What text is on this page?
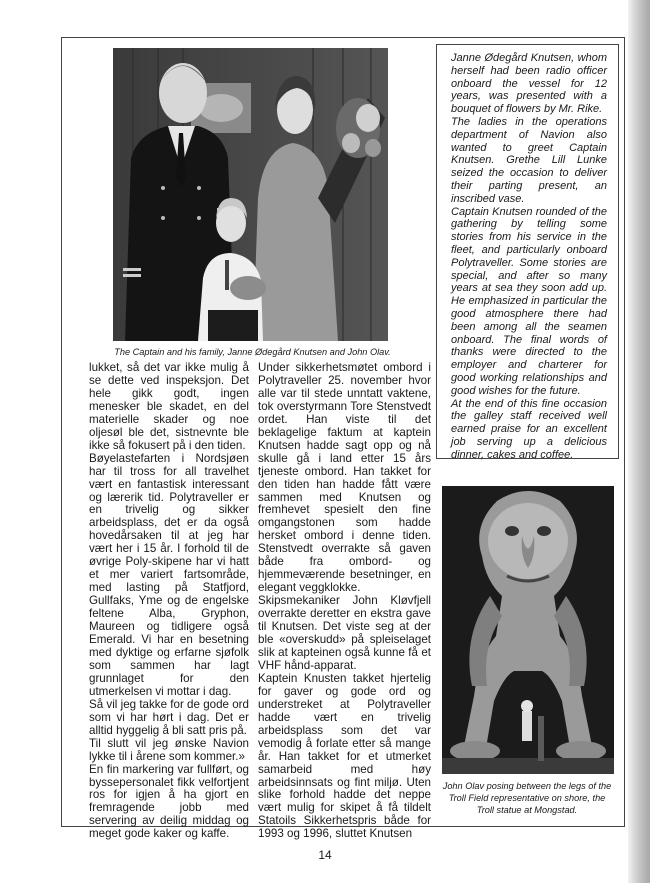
The Captain and his family, Janne Ødegård Knutsen and John Olav.

lukket, så det var ikke mulig å se dette ved inspeksjon. Det hele gikk godt, ingen menesker ble skadet, en del materielle skader og noe oljesøl ble det, sistnevnte ble ikke så fokusert på i den tiden.

Bøyelastefarten i Nordsjøen har til tross for all travelhet vært en fantastisk interessant og lærerik tid. Polytraveller er en trivelig og sikker arbeidsplass, det er da også hovedårsaken til at jeg har vært her i 15 år. I forhold til de øvrige Poly-skipene har vi hatt et mer variert fartsområde, med lasting på Statfjord, Gullfaks, Yme og de engelske feltene Alba, Gryphon, Maureen og tidligere også Emerald. Vi har en besetning med dyktige og erfarne sjøfolk som sammen har lagt grunnlaget for den utmerkelsen vi mottar i dag.

Så vil jeg takke for de gode ord som vi har hørt i dag. Det er alltid hyggelig å bli satt pris på.

Til slutt vil jeg ønske Navion lykke til i årene som kommer.»

En fin markering var fullført, og byssepersonalet fikk velfortjent ros for igjen å ha gjort en fremragende jobb med servering av deilig middag og meget gode kaker og kaffe.

Under sikkerhetsmøtet ombord i Polytraveller 25. november hvor alle var til stede unntatt vaktene, tok overstyrmann Tore Stenstvedt ordet. Han viste til det beklagelige faktum at kaptein Knutsen hadde sagt opp og nå skulle gå i land etter 15 års tjeneste ombord. Han takket for den tiden han hadde fått være sammen med Knutsen og fremhevet spesielt den fine omgangstonen som hadde hersket ombord i denne tiden. Stenstvedt overrakte så gaven både fra ombord- og hjemmeværende besetninger, en elegant veggklokke.

Skipsmekaniker John Kløvfjell overrakte deretter en ekstra gave til Knutsen. Det viste seg at der ble «overskudd» på spleiselaget slik at kapteinen også kunne få et VHF hånd-apparat.

Kaptein Knusten takket hjertelig for gaver og gode ord og understreket at Polytraveller hadde vært en trivelig arbeidsplass som det var vemodig å forlate etter så mange år. Han takket for et utmerket samarbeid med høy arbeidsinnsats og fint miljø. Uten slike forhold hadde det neppe vært mulig for skipet å få tildelt Statoils Sikkerhetspris både for 1993 og 1996, sluttet Knutsen

Janne Ødegård Knutsen, whom herself had been radio officer onboard the vessel for 12 years, was presented with a bouquet of flowers by Mr. Rike.

The ladies in the operations department of Navion also wanted to greet Captain Knutsen. Grethe Lill Lunke seized the occasion to deliver their parting present, an inscribed vase.

Captain Knutsen rounded of the gathering by telling some stories from his service in the fleet, and particularly onboard Polytraveller. Some stories are special, and after so many years at sea they soon add up. He emphasized in particular the good atmosphere there had been among all the seamen onboard. The final words of thanks were directed to the employer and charterer for good working relationships and good wishes for the future.

At the end of this fine occasion the galley staff received well earned praise for an excellent job serving up a delicious dinner, cakes and coffee.

John Olav posing between the legs of the Troll Field representative on shore, the Troll statue at Mongstad.
14
